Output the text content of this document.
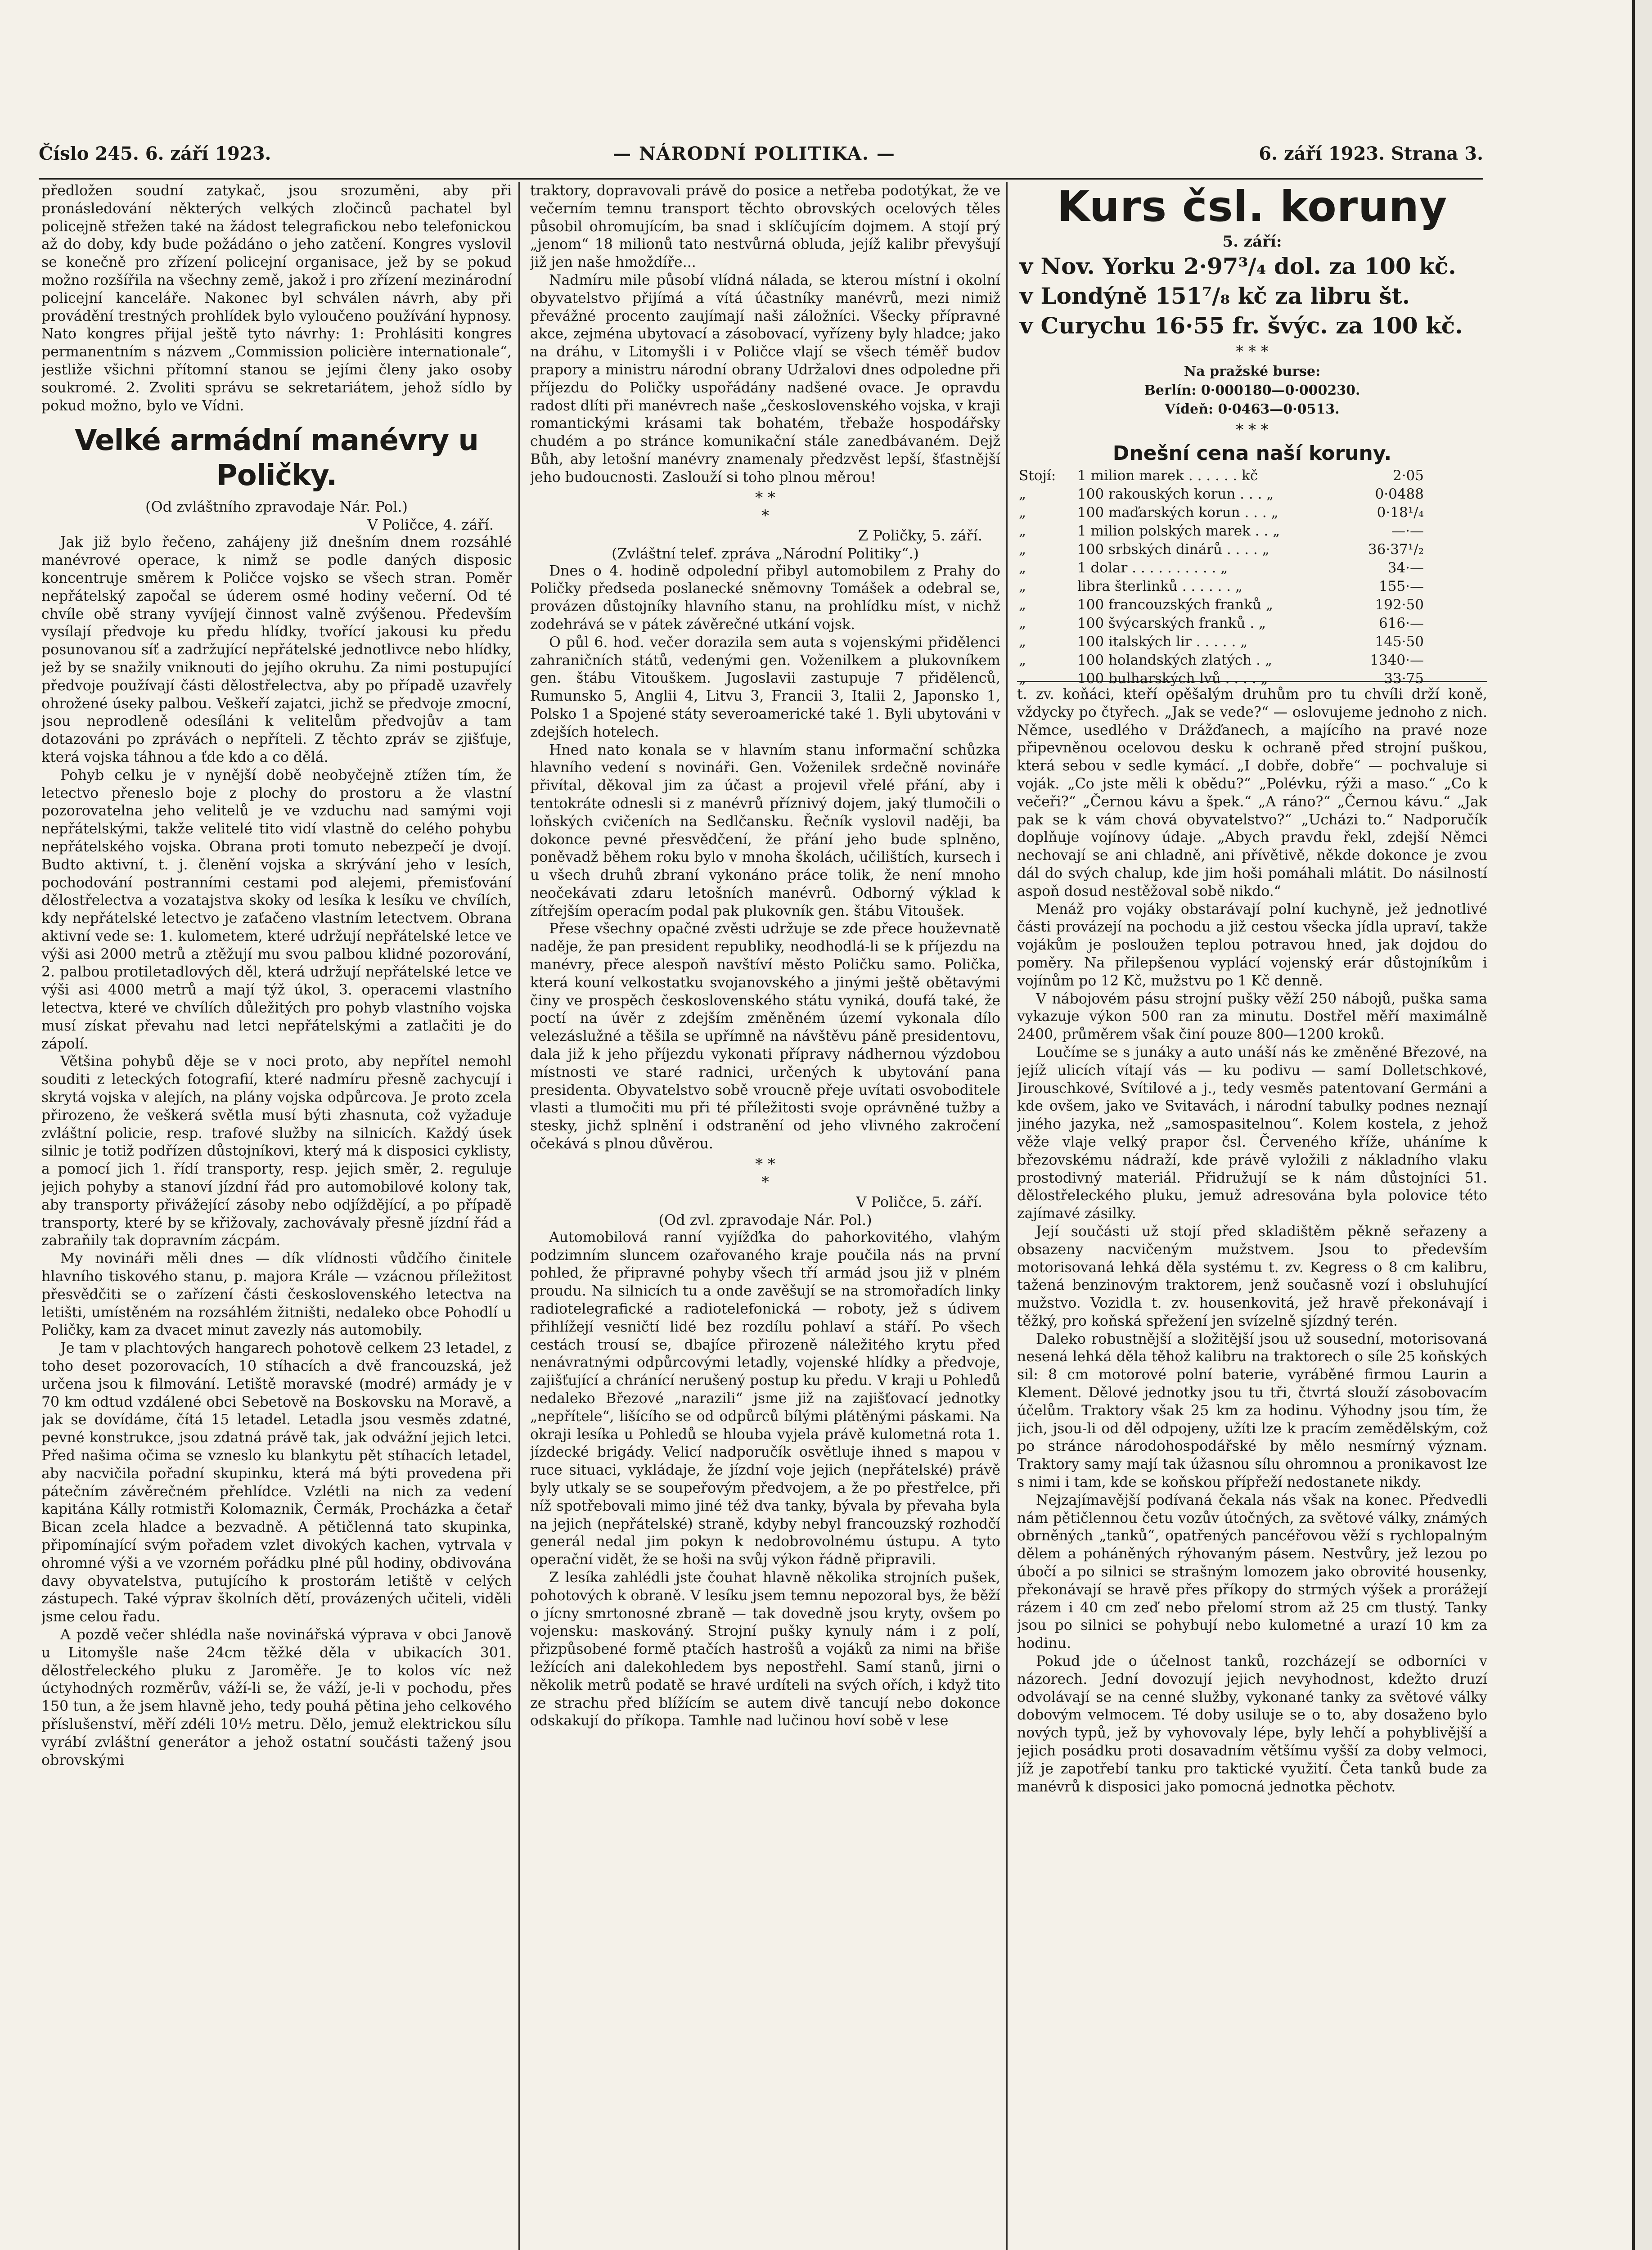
Číslo 245. 6. září 1923.	— NÁRODNÍ POLITIKA. —	6. září 1923. Strana 3.

předložen soudní zatykač, jsou srozuměni, aby při pronásledování některých velkých zločinců pachatel byl policejně střežen také na žádost telegrafickou nebo telefonickou až do doby, kdy bude požádáno o jeho zatčení. Kongres vyslovil se konečně pro zřízení policejní organisace, jež by se pokud možno rozšířila na všechny země, jakož i pro zřízení mezinárodní policejní kanceláře. Nakonec byl schválen návrh, aby při provádění trestných prohlídek bylo vyloučeno používání hypnosy. Nato kongres přijal ještě tyto návrhy: 1: Prohlásiti kongres permanentním s názvem „Commission policière internationale“, jestliže všichni přítomní stanou se jejími členy jako osoby soukromé. 2. Zvoliti správu se sekretariátem, jehož sídlo by pokud možno, bylo ve Vídni.

Velké armádní manévry u Poličky.

(Od zvláštního zpravodaje Nár. Pol.)

V Poličce, 4. září.

Jak již bylo řečeno, zahájeny již dnešním dnem rozsáhlé manévrové operace, k nimž se podle daných disposic koncentruje směrem k Poličce vojsko se všech stran. Poměr nepřátelský započal se úderem osmé hodiny večerní. Od té chvíle obě strany vyvíjejí činnost valně zvýšenou. Především vysílají předvoje ku předu hlídky, tvořící jakousi ku předu posunovanou síť a zadržující nepřátelské jednotlivce nebo hlídky, jež by se snažily vniknouti do jejího okruhu. Za nimi postupující předvoje používají části dělostřelectva, aby po případě uzavřely ohrožené úseky palbou. Veškeří zajatci, jichž se předvoje zmocní, jsou neprodleně odesíláni k velitelům předvojův a tam dotazováni po zprávách o nepříteli. Z těchto zpráv se zjišťuje, která vojska táhnou a ťde kdo a co dělá.

Pohyb celku je v nynější době neobyčejně ztížen tím, že letectvo přeneslo boje z plochy do prostoru a že vlastní pozorovatelna jeho velitelů je ve vzduchu nad samými voji nepřátelskými, takže velitelé tito vidí vlastně do celého pohybu nepřátelského vojska. Obrana proti tomuto nebezpečí je dvojí. Budto aktivní, t. j. členění vojska a skrývání jeho v lesích, pochodování postranními cestami pod alejemi, přemisťování dělostřelectva a vozatajstva skoky od lesíka k lesíku ve chvílích, kdy nepřátelské letectvo je zaťačeno vlastním letectvem. Obrana aktivní vede se: 1. kulometem, které udržují nepřátelské letce ve výši asi 2000 metrů a ztěžují mu svou palbou klidné pozorování, 2. palbou protiletadlových děl, která udržují nepřátelské letce ve výši asi 4000 metrů a mají týž úkol, 3. operacemi vlastního letectva, které ve chvílích důležitých pro pohyb vlastního vojska musí získat převahu nad letci nepřátelskými a zatlačiti je do zápolí.

Většina pohybů děje se v noci proto, aby nepřítel nemohl souditi z leteckých fotografií, které nadmíru přesně zachycují i skrytá vojska v alejích, na plány vojska odpůrcova. Je proto zcela přirozeno, že veškerá světla musí býti zhasnuta, což vyžaduje zvláštní policie, resp. trafové služby na silnicích. Každý úsek silnic je totiž podřízen důstojníkovi, který má k disposici cyklisty, a pomocí jich 1. řídí transporty, resp. jejich směr, 2. reguluje jejich pohyby a stanoví jízdní řád pro automobilové kolony tak, aby transporty přivážející zásoby nebo odjíždějící, a po případě transporty, které by se křižovaly, zachovávaly přesně jízdní řád a zabraňily tak dopravním zácpám.

My novináři měli dnes — dík vlídnosti vůdčího činitele hlavního tiskového stanu, p. majora Krále — vzácnou příležitost přesvědčiti se o zařízení části československého letectva na letišti, umístěném na rozsáhlém žitništi, nedaleko obce Pohodlí u Poličky, kam za dvacet minut zavezly nás automobily.

Je tam v plachtových hangarech pohotově celkem 23 letadel, z toho deset pozorovacích, 10 stíhacích a dvě francouzská, jež určena jsou k filmování. Letiště moravské (modré) armády je v 70 km odtud vzdálené obci Sebetově na Boskovsku na Moravě, a jak se dovídáme, čítá 15 letadel. Letadla jsou vesměs zdatné, pevné konstrukce, jsou zdatná právě tak, jak odvážní jejich letci. Před našima očima se vzneslo ku blankytu pět stíhacích letadel, aby nacvičila pořadní skupinku, která má býti provedena při pátečním závěrečném přehlídce. Vzlétli na nich za vedení kapitána Kálly rotmistři Kolomaznik, Čermák, Procházka a četař Bican zcela hladce a bezvadně. A pětičlenná tato skupinka, připomínající svým pořadem vzlet divokých kachen, vytrvala v ohromné výši a ve vzorném pořádku plné půl hodiny, obdivována davy obyvatelstva, putujícího k prostorám letiště v celých zástupech. Také výprav školních dětí, provázených učiteli, viděli jsme celou řadu.

A pozdě večer shlédla naše novinářská výprava v obci Janově u Litomyšle naše 24cm těžké děla v ubikacích 301. dělostřeleckého pluku z Jaroměře. Je to kolos víc než úctyhodných rozměrův, váží-li se, že váží, je-li v pochodu, přes 150 tun, a že jsem hlavně jeho, tedy pouhá pětina jeho celkového příslušenství, měří zdéli 10½ metru. Dělo, jemuž elektrickou sílu vyrábí zvláštní generátor a jehož ostatní součásti tažený jsou obrovskými

traktory, dopravovali právě do posice a netřeba podotýkat, že ve večerním temnu transport těchto obrovských ocelových těles působil ohromujícím, ba snad i sklíčujícím dojmem. A stojí prý „jenom“ 18 milionů tato nestvůrná obluda, jejíž kalibr převyšují již jen naše hmoždíře...

Nadmíru mile působí vlídná nálada, se kterou místní i okolní obyvatelstvo přijímá a vítá účastníky manévrů, mezi nimiž převážné procento zaujímají naši záložníci. Všecky přípravné akce, zejména ubytovací a zásobovací, vyřízeny byly hladce; jako na dráhu, v Litomyšli i v Poličce vlají se všech téměř budov prapory a ministru národní obrany Udržalovi dnes odpoledne při příjezdu do Poličky uspořádány nadšené ovace. Je opravdu radost dlíti při manévrech naše „československého vojska, v kraji romantickými krásami tak bohatém, třebaže hospodářsky chudém a po stránce komunikační stále zanedbávaném. Dejž Bůh, aby letošní manévry znamenaly předzvěst lepší, šťastnější jeho budoucnosti. Zaslouží si toho plnou měrou!

* *
*

Z Poličky, 5. září.

(Zvláštní telef. zpráva „Národní Politiky“.)

Dnes o 4. hodině odpolední přibyl automobilem z Prahy do Poličky předseda poslanecké sněmovny Tomášek a odebral se, provázen důstojníky hlavního stanu, na prohlídku míst, v nichž zodehrává se v pátek závěrečné utkání vojsk.

O půl 6. hod. večer dorazila sem auta s vojenskými přidělenci zahraničních států, vedenými gen. Voženilkem a plukovníkem gen. štábu Vitouškem. Jugoslavii zastupuje 7 přidělenců, Rumunsko 5, Anglii 4, Litvu 3, Francii 3, Italii 2, Japonsko 1, Polsko 1 a Spojené státy severoamerické také 1. Byli ubytováni v zdejších hotelech.

Hned nato konala se v hlavním stanu informační schůzka hlavního vedení s novináři. Gen. Voženilek srdečně novináře přivítal, děkoval jim za účast a projevil vřelé přání, aby i tentokráte odnesli si z manévrů příznivý dojem, jaký tlumočili o loňských cvičeních na Sedlčansku. Řečník vyslovil naději, ba dokonce pevné přesvědčení, že přání jeho bude splněno, poněvadž během roku bylo v mnoha školách, učilištích, kursech i u všech druhů zbraní vykonáno práce tolik, že není mnoho neočekávati zdaru letošních manévrů. Odborný výklad k zítřejším operacím podal pak plukovník gen. štábu Vitoušek.

Přese všechny opačné zvěsti udržuje se zde přece houževnatě naděje, že pan president republiky, neodhodlá-li se k příjezdu na manévry, přece alespoň navštíví město Poličku samo. Polička, která kouní velkostatku svojanovského a jinými ještě obětavými činy ve prospěch československého státu vyniká, doufá také, že poctí na úvěr z zdejším změněném území vykonala dílo velezáslužné a těšila se upřímně na návštěvu páně presidentovu, dala již k jeho příjezdu vykonati přípravy nádhernou výzdobou místnosti ve staré radnici, určených k ubytování pana presidenta. Obyvatelstvo sobě vroucně přeje uvítati osvoboditele vlasti a tlumočiti mu při té příležitosti svoje oprávněné tužby a stesky, jichž splnění i odstranění od jeho vlivného zakročení očekává s plnou důvěrou.

* *
*

V Poličce, 5. září.

(Od zvl. zpravodaje Nár. Pol.)

Automobilová ranní vyjížďka do pahorkovitého, vlahým podzimním sluncem ozařovaného kraje poučila nás na první pohled, že připravné pohyby všech tří armád jsou již v plném proudu. Na silnicích tu a onde zavěšují se na stromořadích linky radiotelegrafické a radiotelefonická — roboty, jež s údivem přihlížejí vesničtí lidé bez rozdílu pohlaví a stáří. Po všech cestách trousí se, dbajíce přirozeně náležitého krytu před nenávratnými odpůrcovými letadly, vojenské hlídky a předvoje, zajišťující a chránící nerušený postup ku předu. V kraji u Pohledů nedaleko Březové „narazili“ jsme již na zajišťovací jednotky „nepřítele“, lišícího se od odpůrců bílými plátěnými páskami. Na okraji lesíka u Pohledů se hlouba vyjela právě kulometná rota 1. jízdecké brigády. Velicí nadporučík osvětluje ihned s mapou v ruce situaci, vykládaje, že jízdní voje jejich (nepřátelské) právě byly utkaly se se soupeřovým předvojem, a že po přestřelce, při níž spotřebovali mimo jiné též dva tanky, bývala by převaha byla na jejich (nepřátelské) straně, kdyby nebyl francouzský rozhodčí generál nedal jim pokyn k nedobrovolnému ústupu. A tyto operační vidět, že se hoši na svůj výkon řádně připravili.

Z lesíka zahlédli jste čouhat hlavně několika strojních pušek, pohotových k obraně. V lesíku jsem temnu nepozoral bys, že běží o jícny smrtonosné zbraně — tak dovedně jsou kryty, ovšem po vojensku: maskováný. Strojní pušky kynuly nám i z polí, přizpůsobené formě ptačích hastrošů a vojáků za nimi na břiše ležících ani dalekohledem bys nepostřehl. Samí stanů, jirni o několik metrů podatě se hravé urdíteli na svých ořích, i když tito ze strachu před blížícím se autem divě tancují nebo dokonce odskakují do příkopa. Tamhle nad lučinou hoví sobě v lese

Kurs čsl. koruny
5. září:
v Nov. Yorku 2·97³/₄ dol. za 100 kč.
v Londýně 151⁷/₈ kč za libru št.
v Curychu 16·55 fr. švýc. za 100 kč.
* * *
Na pražské burse:
Berlín: 0·000180—0·000230.
Vídeň: 0·0463—0·0513.
* * *
Dnešní cena naší koruny.
Stojí:	1 milion marek . . . . . . kč	2·05
„	100 rakouských korun . . . „	0·0488
„	100 maďarských korun . . . „	0·18¹/₄
„	1 milion polských marek . . „	—·—
„	100 srbských dinárů . . . . „	36·37¹/₂
„	1 dolar . . . . . . . . . . „	34·—
„	libra šterlinků . . . . . . „	155·—
„	100 francouzských franků „	192·50
„	100 švýcarských franků . „	616·—
„	100 italských lir . . . . . „	145·50
„	100 holandských zlatých . „	1340·—
„	100 bulharských lvů . . . . „	33·75

t. zv. koňáci, kteří opěšalým druhům pro tu chvíli drží koně, vždycky po čtyřech. „Jak se vede?“ — oslovujeme jednoho z nich. Němce, usedlého v Drážďanech, a majícího na pravé noze připevněnou ocelovou desku k ochraně před strojní puškou, která sebou v sedle kymácí. „I dobře, dobře“ — pochvaluje si voják. „Co jste měli k obědu?“ „Polévku, rýži a maso.“ „Co k večeři?“ „Černou kávu a špek.“ „A ráno?“ „Černou kávu.“ „Jak pak se k vám chová obyvatelstvo?“ „Ucházi to.“ Nadporučík doplňuje vojínovy údaje. „Abych pravdu řekl, zdejší Němci nechovají se ani chladně, ani přívětivě, někde dokonce je zvou dál do svých chalup, kde jim hoši pomáhali mlátit. Do násilností aspoň dosud nestěžoval sobě nikdo.“

Menáž pro vojáky obstarávají polní kuchyně, jež jednotlivé části provázejí na pochodu a již cestou všecka jídla upraví, takže vojákům je posloužen teplou potravou hned, jak dojdou do poměry. Na přilepšenou vyplácí vojenský erár důstojníkům i vojínům po 12 Kč, mužstvu po 1 Kč denně.

V nábojovém pásu strojní pušky věží 250 nábojů, puška sama vykazuje výkon 500 ran za minutu. Dostřel měří maximálně 2400, průměrem však činí pouze 800—1200 kroků.

Loučíme se s junáky a auto unáší nás ke změněné Březové, na jejíž ulicích vítají vás — ku podivu — samí Dolletschkové, Jirouschkové, Svítilové a j., tedy vesměs patentovaní Germáni a kde ovšem, jako ve Svitavách, i národní tabulky podnes neznají jiného jazyka, než „samospasitelnou“. Kolem kostela, z jehož věže vlaje velký prapor čsl. Červeného kříže, uháníme k březovskému nádraží, kde právě vyložili z nákladního vlaku prostodivný materiál. Přidružují se k nám důstojníci 51. dělostřeleckého pluku, jemuž adresována byla polovice této zajímavé zásilky.

Její součásti už stojí před skladištěm pěkně seřazeny a obsazeny nacvičeným mužstvem. Jsou to především motorisovaná lehká děla systému t. zv. Kegress o 8 cm kalibru, tažená benzinovým traktorem, jenž současně vozí i obsluhující mužstvo. Vozidla t. zv. housenkovitá, jež hravě překonávají i těžký, pro koňská spřežení jen svízelně sjízdný terén.

Daleko robustnější a složitější jsou už sousední, motorisovaná nesená lehká děla těhož kalibru na traktorech o síle 25 koňských sil: 8 cm motorové polní baterie, vyráběné firmou Laurin a Klement. Dělové jednotky jsou tu tři, čtvrtá slouží zásobovacím účelům. Traktory však 25 km za hodinu. Výhodny jsou tím, že jich, jsou-li od děl odpojeny, užíti lze k pracím zemědělským, což po stránce národohospodářské by mělo nesmírný význam. Traktory samy mají tak úžasnou sílu ohromnou a pronikavost lze s nimi i tam, kde se koňskou přípřeží nedostanete nikdy.

Nejzajímavější podívaná čekala nás však na konec. Předvedli nám pětičlennou četu vozův útočných, za světové války, známých obrněných „tanků“, opatřených pancéřovou věží s rychlopalným dělem a poháněných rýhovaným pásem. Nestvůry, jež lezou po úbočí a po silnici se strašným lomozem jako obrovité housenky, překonávají se hravě přes příkopy do strmých výšek a prorážejí rázem i 40 cm zeď nebo přelomí strom až 25 cm tlustý. Tanky jsou po silnici se pohybují nebo kulometné a urazí 10 km za hodinu.

Pokud jde o účelnost tanků, rozcházejí se odborníci v názorech. Jední dovozují jejich nevyhodnost, kdežto druzí odvolávají se na cenné služby, vykonané tanky za světové války dobovým velmocem. Té doby usiluje se o to, aby dosaženo bylo nových typů, jež by vyhovovaly lépe, byly lehčí a pohyblivější a jejich posádku proti dosavadním většímu vyšší za doby velmoci, jíž je zapotřebí tanku pro taktické využití. Četa tanků bude za manévrů k disposici jako pomocná jednotka pěchotv.
